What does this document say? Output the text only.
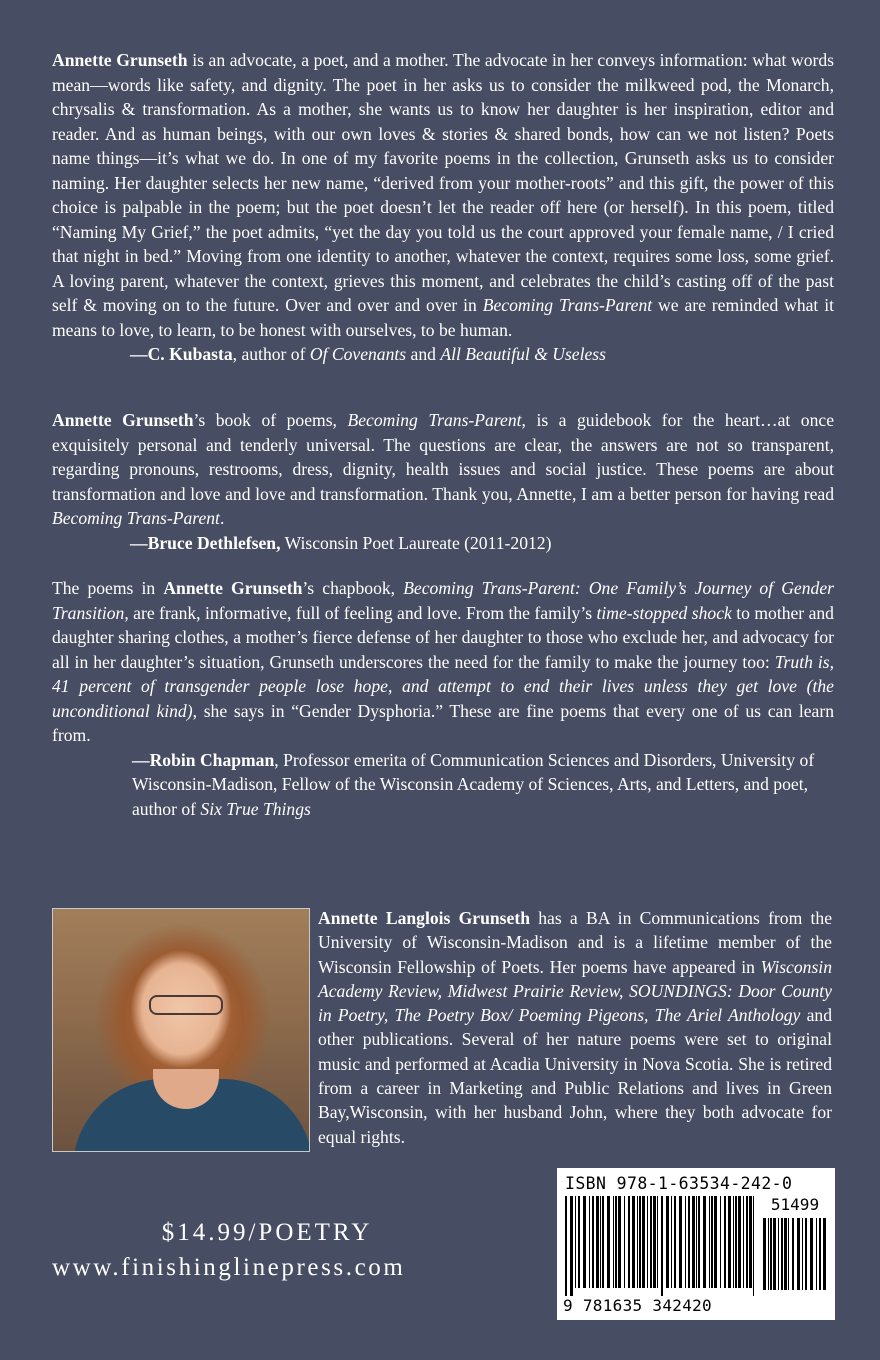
Annette Grunseth is an advocate, a poet, and a mother. The advocate in her conveys information: what words mean—words like safety, and dignity. The poet in her asks us to consider the milkweed pod, the Monarch, chrysalis & transformation. As a mother, she wants us to know her daughter is her inspiration, editor and reader. And as human beings, with our own loves & stories & shared bonds, how can we not listen? Poets name things—it’s what we do. In one of my favorite poems in the collection, Grunseth asks us to consider naming. Her daughter selects her new name, “derived from your mother-roots” and this gift, the power of this choice is palpable in the poem; but the poet doesn’t let the reader off here (or herself). In this poem, titled “Naming My Grief,” the poet admits, “yet the day you told us the court approved your female name, / I cried that night in bed.” Moving from one identity to another, whatever the context, requires some loss, some grief. A loving parent, whatever the context, grieves this moment, and celebrates the child’s casting off of the past self & moving on to the future. Over and over and over in Becoming Trans-Parent we are reminded what it means to love, to learn, to be honest with ourselves, to be human.

—C. Kubasta, author of Of Covenants and All Beautiful & Useless

Annette Grunseth’s book of poems, Becoming Trans-Parent, is a guidebook for the heart…at once exquisitely personal and tenderly universal. The questions are clear, the answers are not so transparent, regarding pronouns, restrooms, dress, dignity, health issues and social justice. These poems are about transformation and love and love and transformation. Thank you, Annette, I am a better person for having read Becoming Trans-Parent.

—Bruce Dethlefsen, Wisconsin Poet Laureate (2011-2012)

The poems in Annette Grunseth’s chapbook, Becoming Trans-Parent: One Family’s Journey of Gender Transition, are frank, informative, full of feeling and love. From the family’s time-stopped shock to mother and daughter sharing clothes, a mother’s fierce defense of her daughter to those who exclude her, and advocacy for all in her daughter’s situation, Grunseth underscores the need for the family to make the journey too: Truth is, 41 percent of transgender people lose hope, and attempt to end their lives unless they get love (the unconditional kind), she says in “Gender Dysphoria.” These are fine poems that every one of us can learn from.

—Robin Chapman, Professor emerita of Communication Sciences and Disorders, University of Wisconsin-Madison, Fellow of the Wisconsin Academy of Sciences, Arts, and Letters, and poet, author of Six True Things

Annette Langlois Grunseth has a BA in Communications from the University of Wisconsin-Madison and is a lifetime member of the Wisconsin Fellowship of Poets. Her poems have appeared in Wisconsin Academy Review, Midwest Prairie Review, SOUNDINGS: Door County in Poetry, The Poetry Box/ Poeming Pigeons, The Ariel Anthology and other publications. Several of her nature poems were set to original music and performed at Acadia University in Nova Scotia. She is retired from a career in Marketing and Public Relations and lives in Green Bay,Wisconsin, with her husband John, where they both advocate for equal rights.

$14.99/POETRY
www.finishinglinepress.com
ISBN 978-1-63534-242-0
51499
9 781635 342420
